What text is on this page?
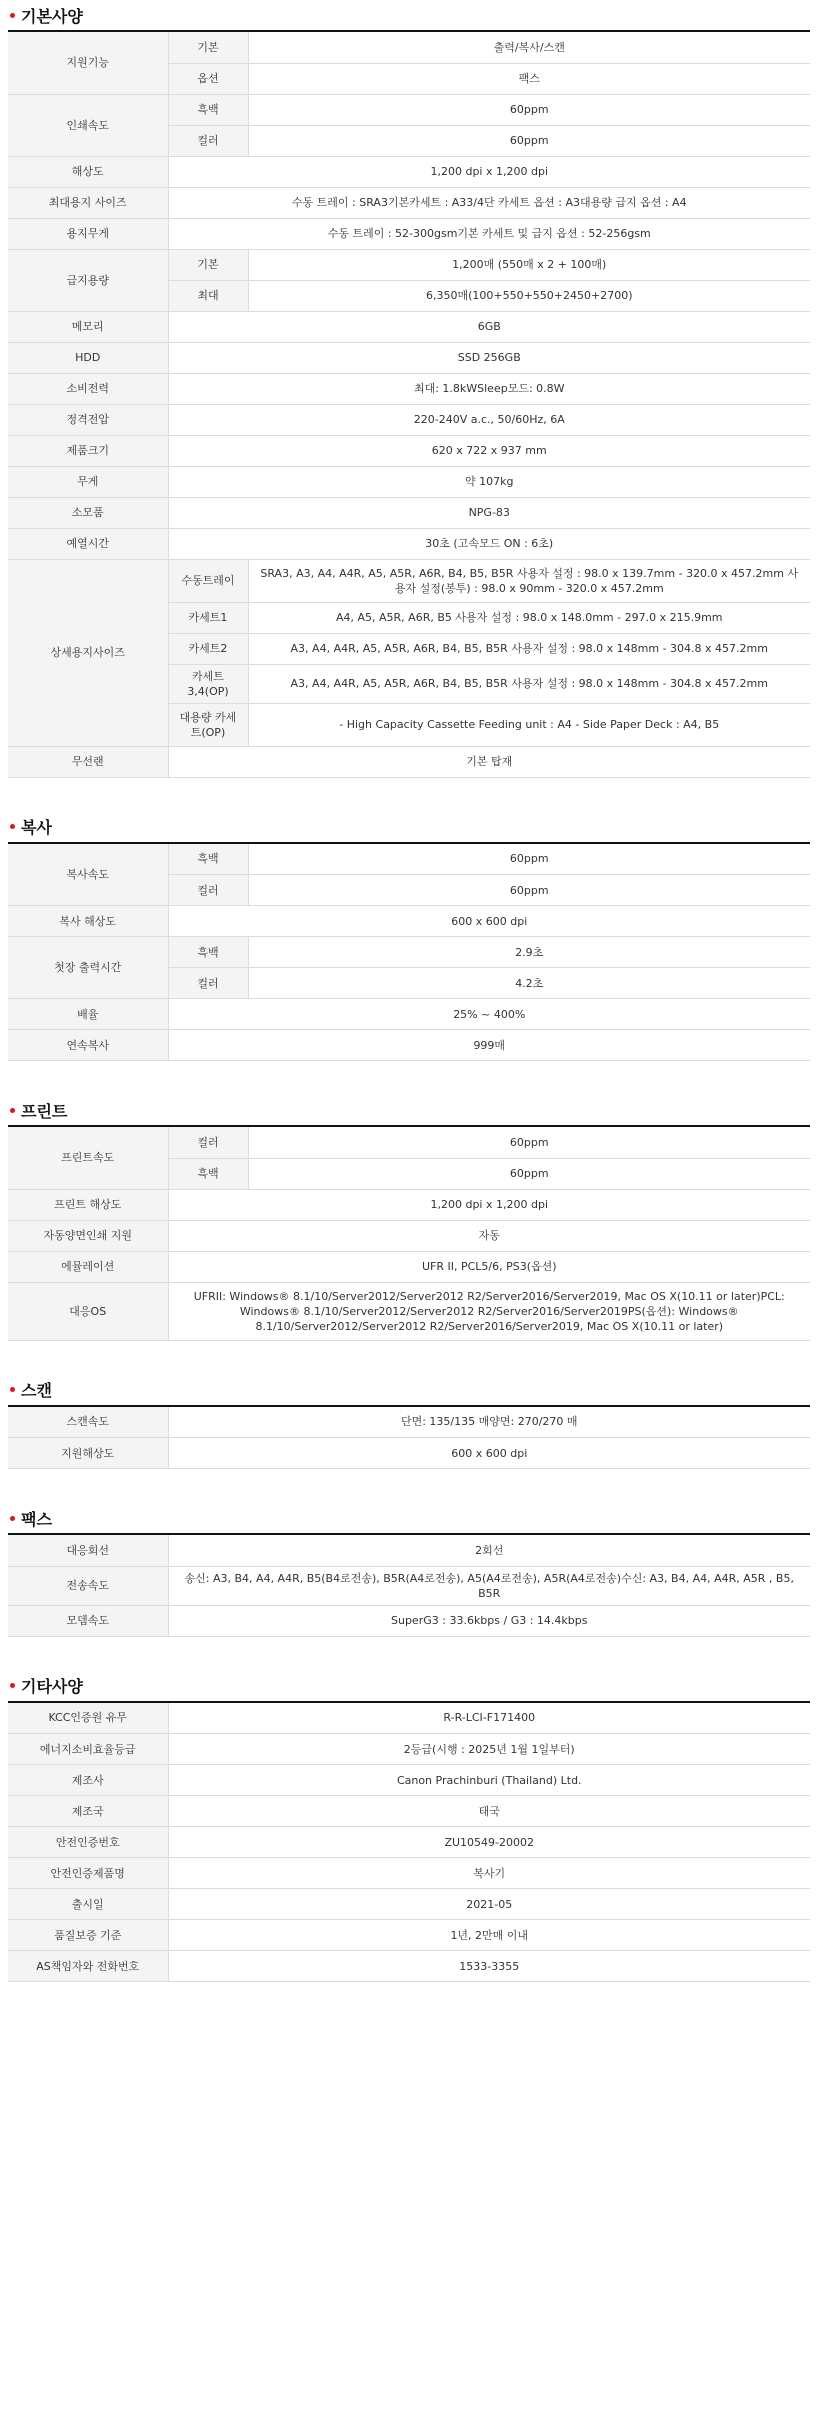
기본사양
지원기능	기본	출력/복사/스캔
	옵션	팩스
인쇄속도	흑백	60ppm
	컬러	60ppm
해상도	1,200 dpi x 1,200 dpi	
최대용지 사이즈	수동 트레이 : SRA3기본카세트 : A33/4단 카세트 옵션 : A3대용량 급지 옵션 : A4	
용지무게	수동 트레이 : 52-300gsm기본 카세트 및 급지 옵션 : 52-256gsm	
급지용량	기본	1,200매 (550매 x 2 + 100매)
	최대	6,350매(100+550+550+2450+2700)
메모리	6GB	
HDD	SSD 256GB	
소비전력	최대: 1.8kWSleep모드: 0.8W	
정격전압	220-240V a.c., 50/60Hz, 6A	
제품크기	620 x 722 x 937 mm	
무게	약 107kg	
소모품	NPG-83	
예열시간	30초 (고속모드 ON : 6초)	
상세용지사이즈	수동트레이	SRA3, A3, A4, A4R, A5, A5R, A6R, B4, B5, B5R 사용자 설정 : 98.0 x 139.7mm - 320.0 x 457.2mm 사용자 설정(봉투) : 98.0 x 90mm - 320.0 x 457.2mm
	카세트1	A4, A5, A5R, A6R, B5 사용자 설정 : 98.0 x 148.0mm - 297.0 x 215.9mm
	카세트2	A3, A4, A4R, A5, A5R, A6R, B4, B5, B5R 사용자 설정 : 98.0 x 148mm - 304.8 x 457.2mm
	카세트3,4(OP)	A3, A4, A4R, A5, A5R, A6R, B4, B5, B5R 사용자 설정 : 98.0 x 148mm - 304.8 x 457.2mm
	대용량 카세트(OP)	- High Capacity Cassette Feeding unit : A4 - Side Paper Deck : A4, B5
무선랜	기본 탑재	
복사
복사속도	흑백	60ppm
	컬러	60ppm
복사 해상도	600 x 600 dpi	
첫장 출력시간	흑백	2.9초
	컬러	4.2초
배율	25% ~ 400%	
연속복사	999매	
프린트
프린트속도	컬러	60ppm
	흑백	60ppm
프린트 해상도	1,200 dpi x 1,200 dpi	
자동양면인쇄 지원	자동	
에뮬레이션	UFR II, PCL5/6, PS3(옵션)	
대응OS	UFRII: Windows® 8.1/10/Server2012/Server2012 R2/Server2016/Server2019, Mac OS X(10.11 or later)PCL: Windows® 8.1/10/Server2012/Server2012 R2/Server2016/Server2019PS(옵션): Windows® 8.1/10/Server2012/Server2012 R2/Server2016/Server2019, Mac OS X(10.11 or later)	
스캔
스캔속도	단면: 135/135 매양면: 270/270 매
지원해상도	600 x 600 dpi
팩스
대응회선	2회선
전송속도	송신: A3, B4, A4, A4R, B5(B4로전송), B5R(A4로전송), A5(A4로전송), A5R(A4로전송)수신: A3, B4, A4, A4R, A5R , B5, B5R
모뎀속도	SuperG3 : 33.6kbps / G3 : 14.4kbps
기타사양
KCC인증원 유무	R-R-LCI-F171400
에너지소비효율등급	2등급(시행 : 2025년 1월 1일부터)
제조사	Canon Prachinburi (Thailand) Ltd.
제조국	태국
안전인증번호	ZU10549-20002
안전인증제품명	복사기
출시일	2021-05
품질보증 기준	1년, 2만매 이내
AS책임자와 전화번호	1533-3355
